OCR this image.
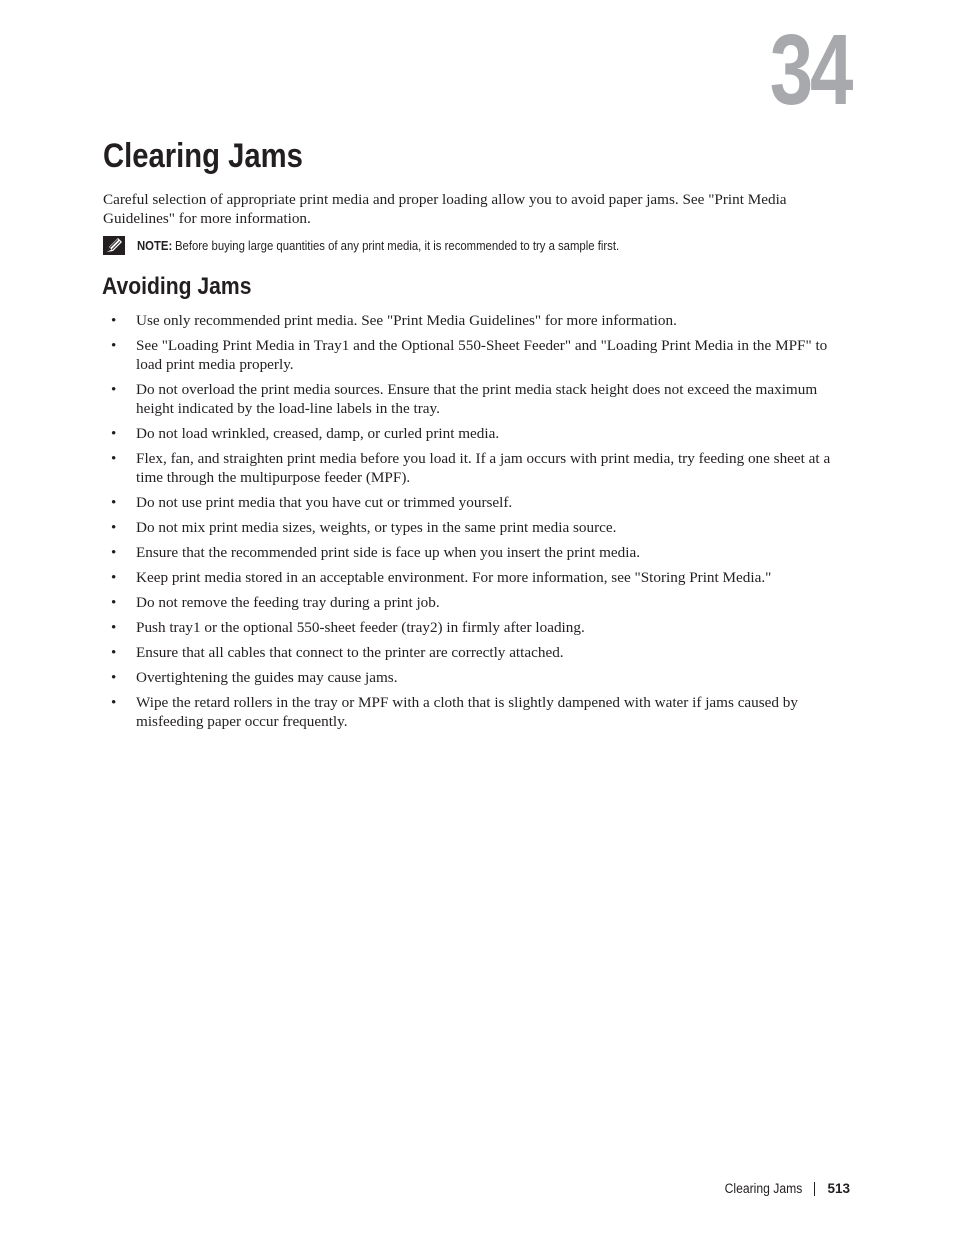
34
Clearing Jams

Careful selection of appropriate print media and proper loading allow you to avoid paper jams. See "Print Media Guidelines" for more information.

NOTE: Before buying large quantities of any print media, it is recommended to try a sample first.
Avoiding Jams
• Use only recommended print media. See "Print Media Guidelines" for more information.
• See "Loading Print Media in Tray1 and the Optional 550-Sheet Feeder" and "Loading Print Media in the MPF" to load print media properly.
• Do not overload the print media sources. Ensure that the print media stack height does not exceed the maximum height indicated by the load-line labels in the tray.
• Do not load wrinkled, creased, damp, or curled print media.
• Flex, fan, and straighten print media before you load it. If a jam occurs with print media, try feeding one sheet at a time through the multipurpose feeder (MPF).
• Do not use print media that you have cut or trimmed yourself.
• Do not mix print media sizes, weights, or types in the same print media source.
• Ensure that the recommended print side is face up when you insert the print media.
• Keep print media stored in an acceptable environment. For more information, see "Storing Print Media."
• Do not remove the feeding tray during a print job.
• Push tray1 or the optional 550-sheet feeder (tray2) in firmly after loading.
• Ensure that all cables that connect to the printer are correctly attached.
• Overtightening the guides may cause jams.
• Wipe the retard rollers in the tray or MPF with a cloth that is slightly dampened with water if jams caused by misfeeding paper occur frequently.
Clearing Jams 513
